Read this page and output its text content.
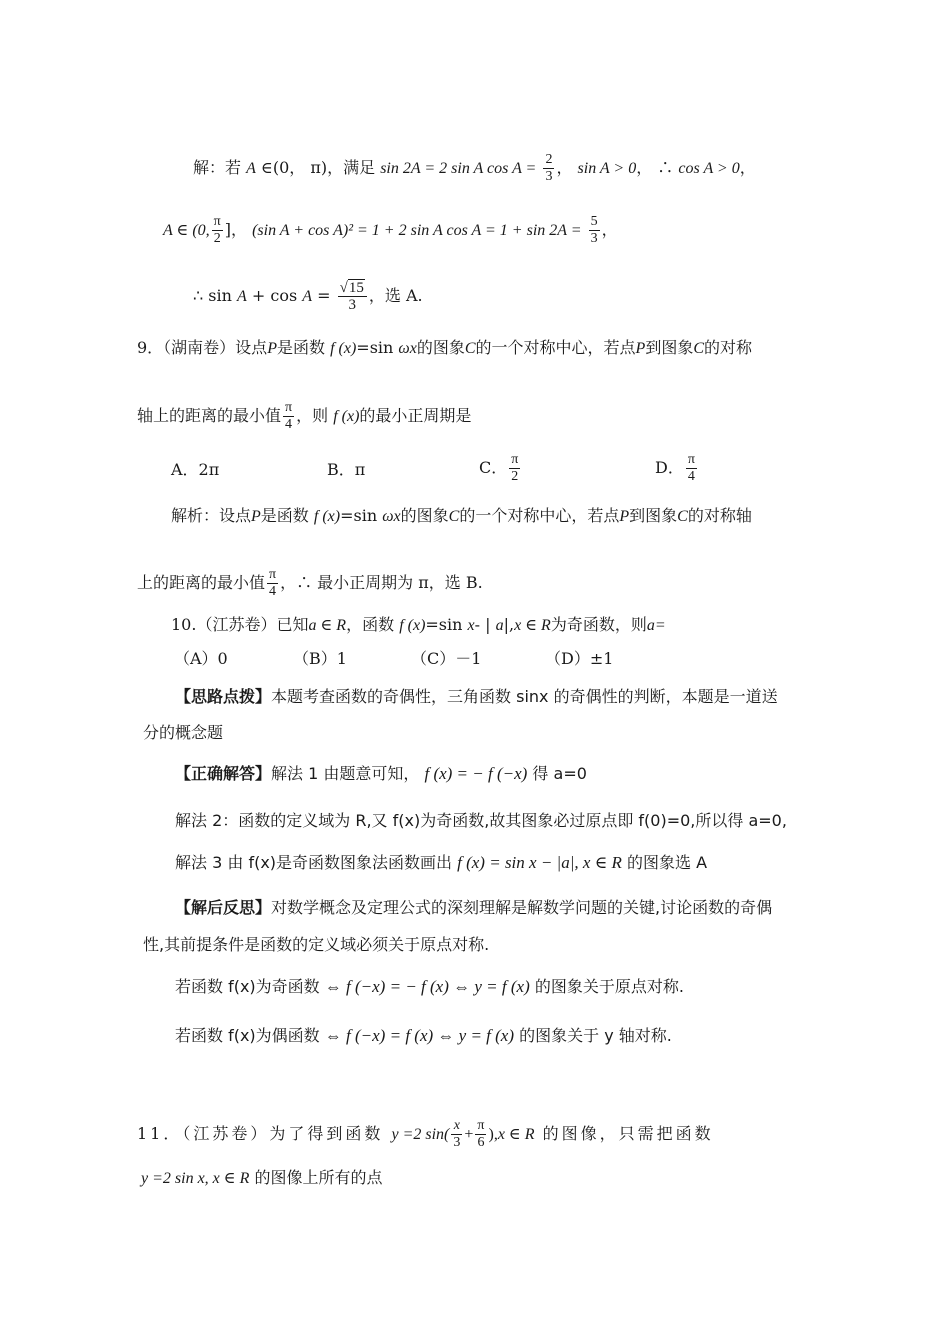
解：若 A ∈(0， π)，满足 sin 2A = 2 sin A $\cos A = \frac{2}{3}$ ， sin A > 0， ∴ cos A > 0，
A ∈ (0, $\frac{\pi}{2}$ ]， (sin A + cos A)² = 1 + 2 sin A $\cos A = 1 + \sin 2A = \frac{5}{3}$ ，
∴ $\sin A + \cos A = \frac{√15}{3}$ ，选 A.
9．（湖南卷）设点P是函数 f (x)=sin ωx的图象C的一个对称中心，若点P到图象C的对称
轴上的距离的最小值 $\frac{\pi}{4}$ ，则 f (x)的最小正周期是
A．2π	B．π	C． $\frac{\pi}{2}$	D． $\frac{\pi}{4}$
解析：设点P是函数 f (x)=sin ωx的图象C的一个对称中心，若点P到图象C的对称轴
上的距离的最小值 $\frac{\pi}{4}$ ，∴ 最小正周期为 π，选 B.
10.（江苏卷）已知a ∈ R，函数 f (x)=sin x- | a|,x ∈ R为奇函数，则a=
（A）0	（B）1	（C）－1	（D）±1
【思路点拨】本题考查函数的奇偶性，三角函数 sinx 的奇偶性的判断，本题是一道送
分的概念题
【正确解答】解法 1 由题意可知， f (x) = − f (−x) 得 a=0
解法 2：函数的定义域为 R,又 f(x)为奇函数,故其图象必过原点即 f(0)=0,所以得 a=0,
解法 3 由 f(x)是奇函数图象法函数画出 f (x) = sin x − |a|, x ∈ R 的图象选 A
【解后反思】对数学概念及定理公式的深刻理解是解数学问题的关键,讨论函数的奇偶
性,其前提条件是函数的定义域必须关于原点对称.
若函数 f(x)为奇函数 ⇔ f (−x) = − f (x) ⇔ y = f (x) 的图象关于原点对称.
若函数 f(x)为偶函数 ⇔ f (−x) = f (x) ⇔ y = f (x) 的图象关于 y 轴对称.
11．（江苏卷）为了得到函数 y =2 $\sin( \frac{x}{3} + \frac{\pi}{6} ),x$ ∈ R 的图像，只需把函数
y =2 sin x, x ∈ R 的图像上所有的点
